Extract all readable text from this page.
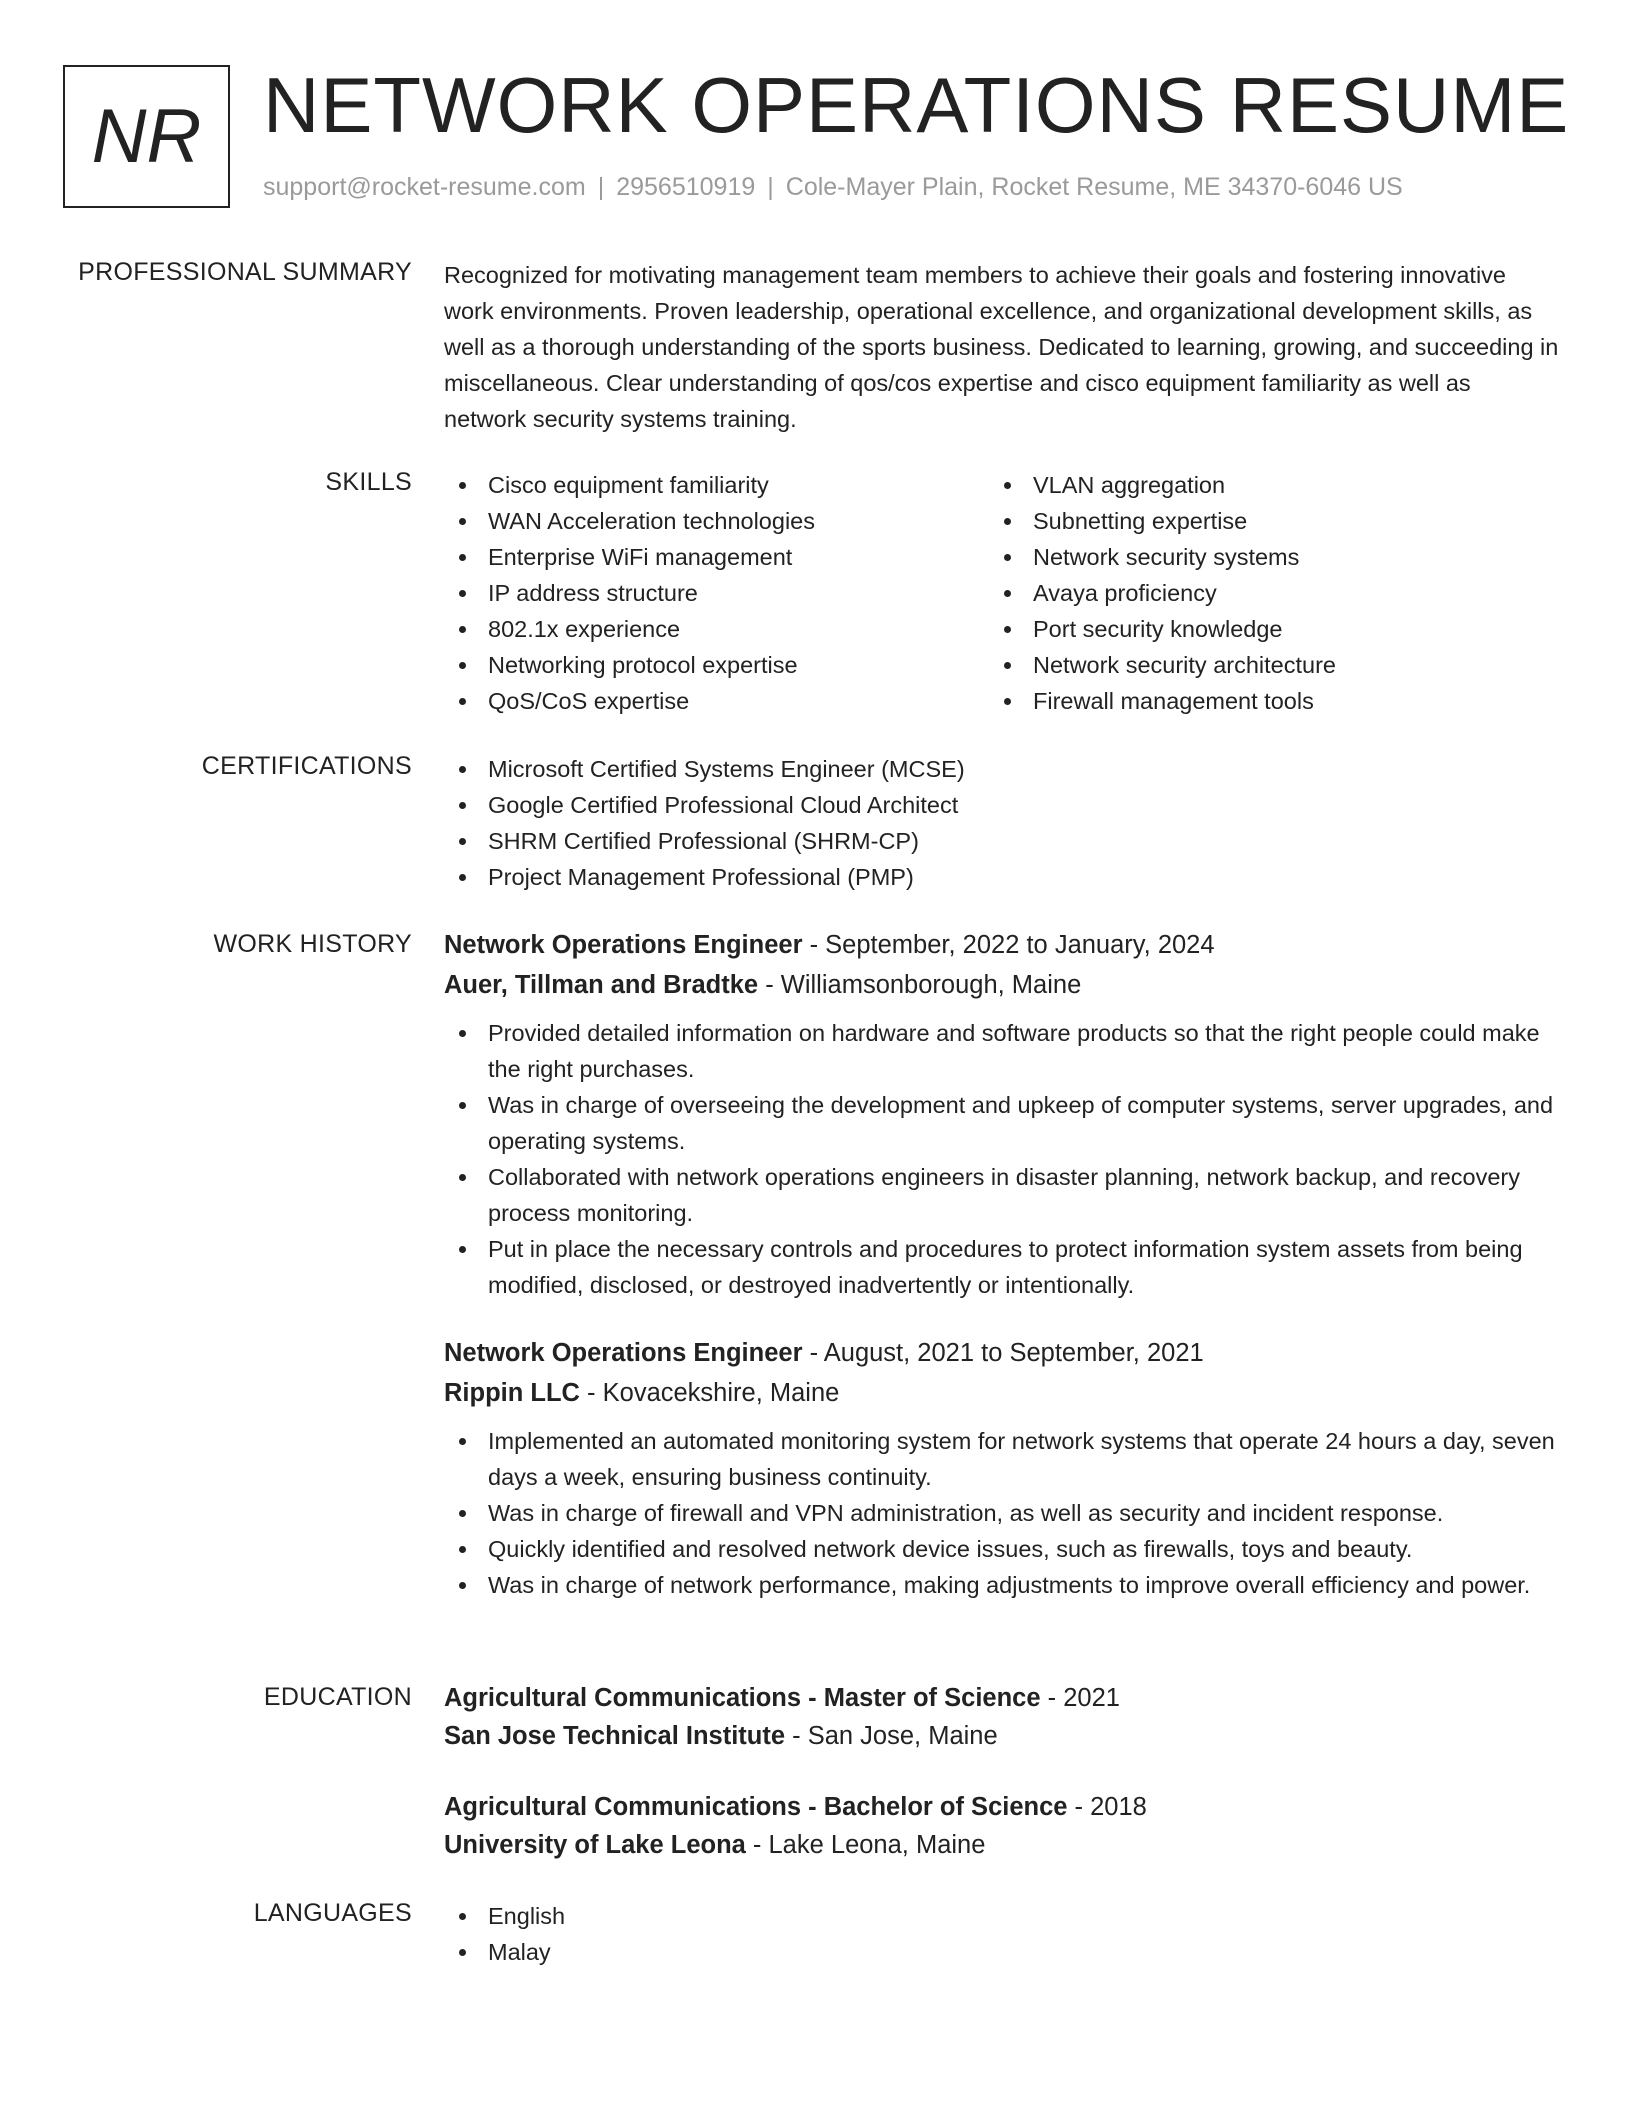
NR NETWORK OPERATIONS RESUME
support@rocket-resume.com | 2956510919 | Cole-Mayer Plain, Rocket Resume, ME 34370-6046 US
PROFESSIONAL SUMMARY Recognized for motivating management team members to achieve their goals and fostering innovative work environments. Proven leadership, operational excellence, and organizational development skills, as well as a thorough understanding of the sports business. Dedicated to learning, growing, and succeeding in miscellaneous. Clear understanding of qos/cos expertise and cisco equipment familiarity as well as network security systems training.
SKILLS	Cisco equipment familiarity
WAN Acceleration technologies
Enterprise WiFi management
IP address structure
802.1x experience
Networking protocol expertise
QoS/CoS expertise
VLAN aggregation
Subnetting expertise
Network security systems
Avaya proficiency
Port security knowledge
Network security architecture
Firewall management tools
CERTIFICATIONS	Microsoft Certified Systems Engineer (MCSE)
Google Certified Professional Cloud Architect
SHRM Certified Professional (SHRM-CP)
Project Management Professional (PMP)
WORK HISTORY Network Operations Engineer - September, 2022 to January, 2024
Auer, Tillman and Bradtke - Williamsonborough, Maine
Provided detailed information on hardware and software products so that the right people could make the right purchases.
Was in charge of overseeing the development and upkeep of computer systems, server upgrades, and operating systems.
Collaborated with network operations engineers in disaster planning, network backup, and recovery process monitoring.
Put in place the necessary controls and procedures to protect information system assets from being modified, disclosed, or destroyed inadvertently or intentionally.
Network Operations Engineer - August, 2021 to September, 2021
Rippin LLC - Kovacekshire, Maine
Implemented an automated monitoring system for network systems that operate 24 hours a day, seven days a week, ensuring business continuity.
Was in charge of firewall and VPN administration, as well as security and incident response.
Quickly identified and resolved network device issues, such as firewalls, toys and beauty.
Was in charge of network performance, making adjustments to improve overall efficiency and power.
EDUCATION Agricultural Communications - Master of Science - 2021
San Jose Technical Institute - San Jose, Maine
Agricultural Communications - Bachelor of Science - 2018
University of Lake Leona - Lake Leona, Maine
LANGUAGES	English
Malay
